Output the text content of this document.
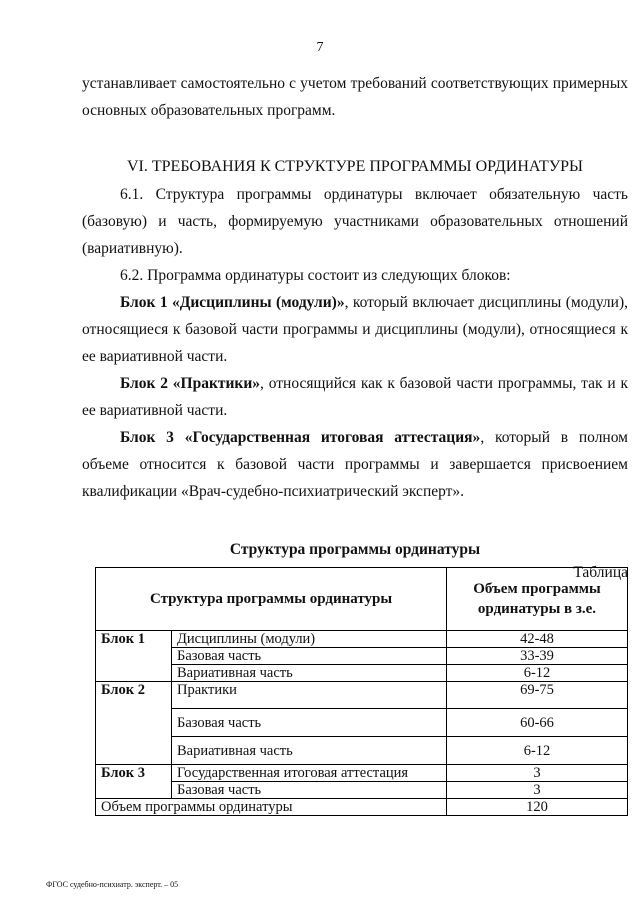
7

устанавливает самостоятельно с учетом требований соответствующих примерных

основных образовательных программ.

VI. ТРЕБОВАНИЯ К СТРУКТУРЕ ПРОГРАММЫ ОРДИНАТУРЫ

6.1. Структура программы ординатуры включает обязательную часть (базовую) и часть, формируемую участниками образовательных отношений (вариативную).

6.2. Программа ординатуры состоит из следующих блоков:

Блок 1 «Дисциплины (модули)», который включает дисциплины (модули), относящиеся к базовой части программы и дисциплины (модули), относящиеся к ее вариативной части.

Блок 2 «Практики», относящийся как к базовой части программы, так и к ее вариативной части.

Блок 3 «Государственная итоговая аттестация», который в полном объеме относится к базовой части программы и завершается присвоением квалификации «Врач-судебно-психиатрический эксперт».

Структура программы ординатуры

Таблица

Структура программы ординатуры		Объем программы ординатуры в з.е.
Блок 1	Дисциплины (модули)	42-48
	Базовая часть	33-39
	Вариативная часть	6-12
Блок 2	Практики	69-75
	Базовая часть	60-66
	Вариативная часть	6-12
Блок 3	Государственная итоговая аттестация	3
	Базовая часть	3
Объем программы ординатуры		120
ФГОС судебно-психиатр. эксперт. – 05
